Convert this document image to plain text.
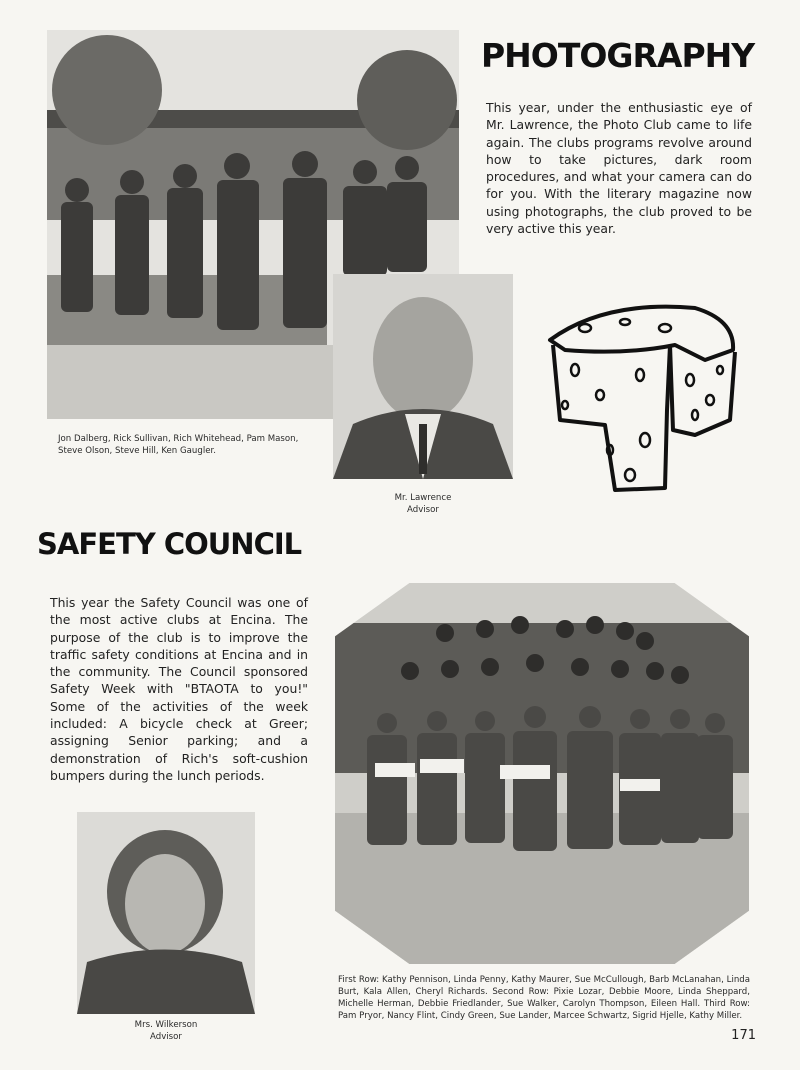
PHOTOGRAPHY

This year, under the enthusiastic eye of Mr. Lawrence, the Photo Club came to life again. The clubs programs revolve around how to take pictures, dark room procedures, and what your camera can do for you. With the literary magazine now using photographs, the club proved to be very active this year.

Jon Dalberg, Rick Sullivan, Rich Whitehead, Pam Mason, Steve Olson, Steve Hill, Ken Gaugler.

Mr. Lawrence
Advisor
SAFETY COUNCIL

This year the Safety Council was one of the most active clubs at Encina. The purpose of the club is to improve the traffic safety conditions at Encina and in the community. The Council sponsored Safety Week with "BTAOTA to you!" Some of the activities of the week included: A bicycle check at Greer; assigning Senior parking; and a demonstration of Rich's soft-cushion bumpers during the lunch periods.

First Row: Kathy Pennison, Linda Penny, Kathy Maurer, Sue McCullough, Barb McLanahan, Linda Burt, Kala Allen, Cheryl Richards. Second Row: Pixie Lozar, Debbie Moore, Linda Sheppard, Michelle Herman, Debbie Friedlander, Sue Walker, Carolyn Thompson, Eileen Hall. Third Row: Pam Pryor, Nancy Flint, Cindy Green, Sue Lander, Marcee Schwartz, Sigrid Hjelle, Kathy Miller.

Mrs. Wilkerson
Advisor	171
